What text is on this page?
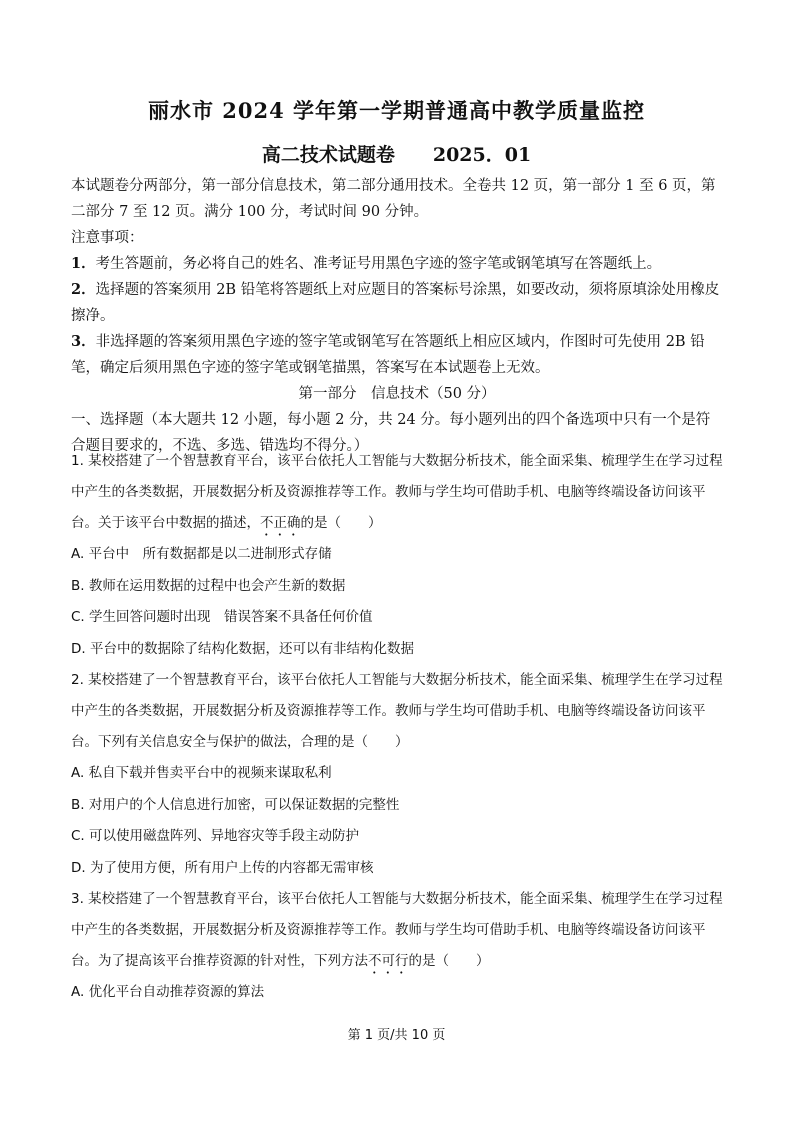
丽水市 2024 学年第一学期普通高中教学质量监控
高二技术试题卷 2025．01

本试题卷分两部分，第一部分信息技术，第二部分通用技术。全卷共 12 页，第一部分 1 至 6 页，第二部分 7 至 12 页。满分 100 分，考试时间 90 分钟。

注意事项：

1．考生答题前，务必将自己的姓名、准考证号用黑色字迹的签字笔或钢笔填写在答题纸上。

2．选择题的答案须用 2B 铅笔将答题纸上对应题目的答案标号涂黑，如要改动，须将原填涂处用橡皮擦净。

3．非选择题的答案须用黑色字迹的签字笔或钢笔写在答题纸上相应区域内，作图时可先使用 2B 铅笔，确定后须用黑色字迹的签字笔或钢笔描黑，答案写在本试题卷上无效。

第一部分　信息技术（50 分）

一、选择题（本大题共 12 小题，每小题 2 分，共 24 分。每小题列出的四个备选项中只有一个是符合题目要求的，不选、多选、错选均不得分。）

1. 某校搭建了一个智慧教育平台，该平台依托人工智能与大数据分析技术，能全面采集、梳理学生在学习过程中产生的各类数据，开展数据分析及资源推荐等工作。教师与学生均可借助手机、电脑等终端设备访问该平台。关于该平台中数据的描述，不正确的是（　　）

A. 平台中　所有数据都是以二进制形式存储

B. 教师在运用数据的过程中也会产生新的数据

C. 学生回答问题时出现　错误答案不具备任何价值

D. 平台中的数据除了结构化数据，还可以有非结构化数据

2. 某校搭建了一个智慧教育平台，该平台依托人工智能与大数据分析技术，能全面采集、梳理学生在学习过程中产生的各类数据，开展数据分析及资源推荐等工作。教师与学生均可借助手机、电脑等终端设备访问该平台。下列有关信息安全与保护的做法，合理的是（　　）

A. 私自下载并售卖平台中的视频来谋取私利

B. 对用户的个人信息进行加密，可以保证数据的完整性

C. 可以使用磁盘阵列、异地容灾等手段主动防护

D. 为了使用方便，所有用户上传的内容都无需审核

3. 某校搭建了一个智慧教育平台，该平台依托人工智能与大数据分析技术，能全面采集、梳理学生在学习过程中产生的各类数据，开展数据分析及资源推荐等工作。教师与学生均可借助手机、电脑等终端设备访问该平台。为了提高该平台推荐资源的针对性，下列方法不可行的是（　　）

A. 优化平台自动推荐资源的算法

第 1 页/共 10 页
